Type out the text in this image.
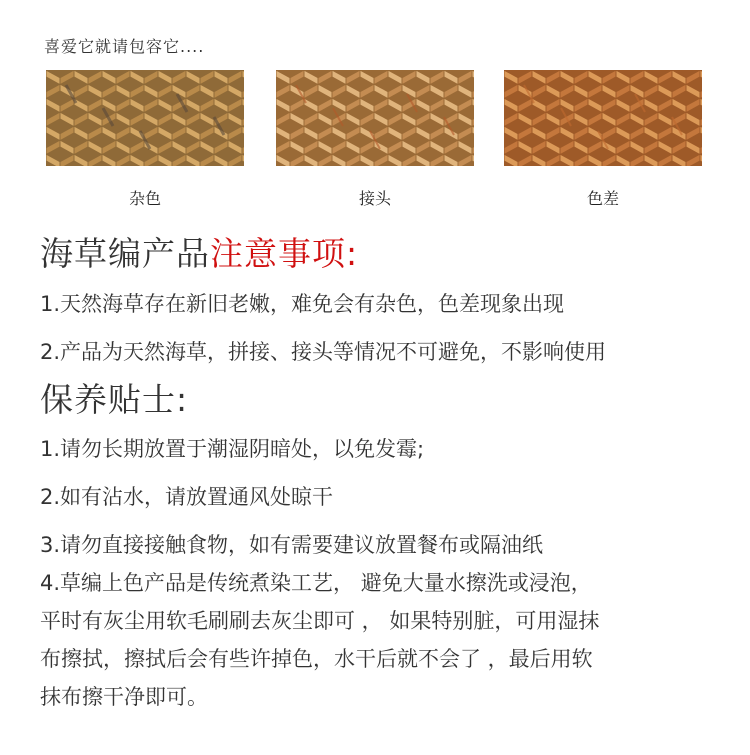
喜爱它就请包容它....
杂色	接头	色差
海草编产品注意事项:
1.天然海草存在新旧老嫩，难免会有杂色，色差现象出现
2.产品为天然海草，拼接、接头等情况不可避免，不影响使用
保养贴士:
1.请勿长期放置于潮湿阴暗处，以免发霉;
2.如有沾水，请放置通风处晾干
3.请勿直接接触食物，如有需要建议放置餐布或隔油纸
4.草编上色产品是传统煮染工艺， 避免大量水擦洗或浸泡，
平时有灰尘用软毛刷刷去灰尘即可 ， 如果特别脏，可用湿抹
布擦拭，擦拭后会有些许掉色，水干后就不会了 ，最后用软
抹布擦干净即可。
